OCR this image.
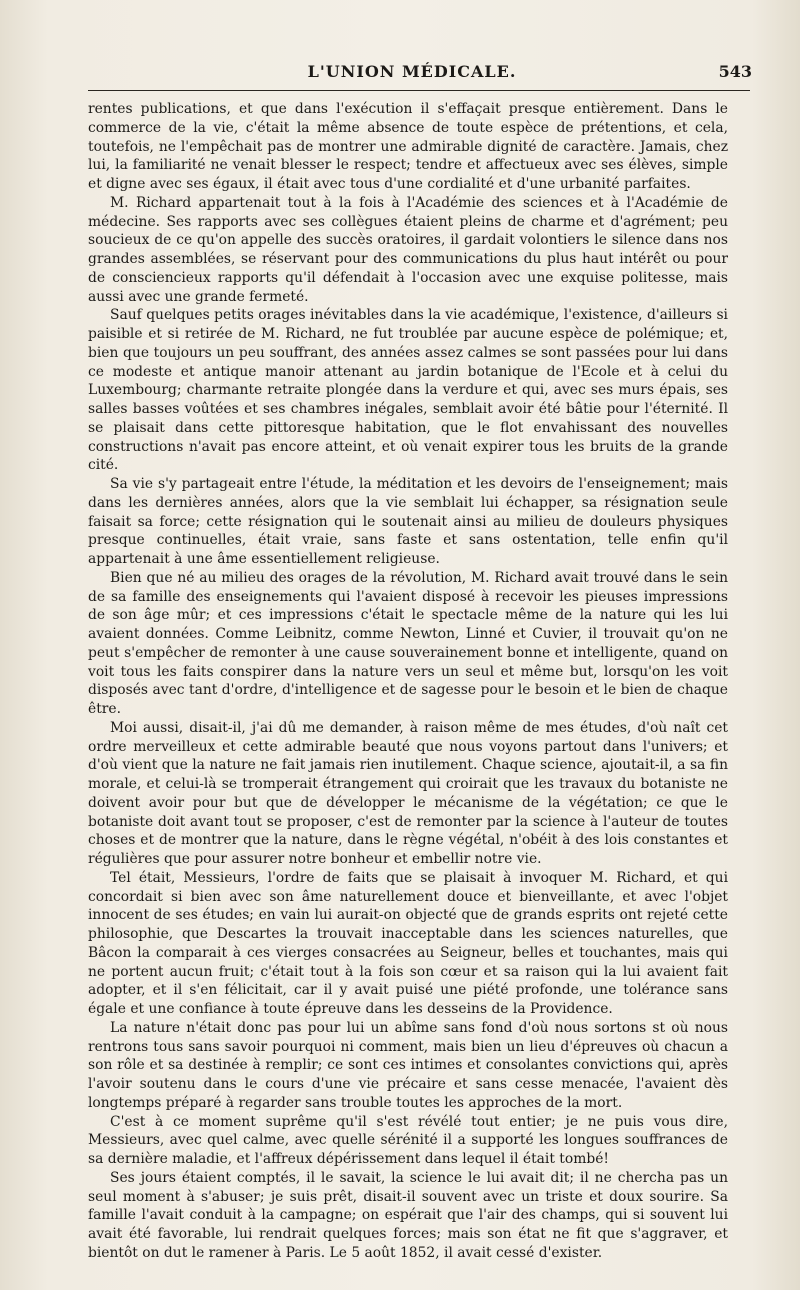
L'UNION MÉDICALE.	543

rentes publications, et que dans l'exécution il s'effaçait presque entièrement. Dans le commerce de la vie, c'était la même absence de toute espèce de prétentions, et cela, toutefois, ne l'empêchait pas de montrer une admirable dignité de caractère. Jamais, chez lui, la familiarité ne venait blesser le respect; tendre et affectueux avec ses élèves, simple et digne avec ses égaux, il était avec tous d'une cordialité et d'une urbanité parfaites.

M. Richard appartenait tout à la fois à l'Académie des sciences et à l'Académie de médecine. Ses rapports avec ses collègues étaient pleins de charme et d'agrément; peu soucieux de ce qu'on appelle des succès oratoires, il gardait volontiers le silence dans nos grandes assemblées, se réservant pour des communications du plus haut intérêt ou pour de consciencieux rapports qu'il défendait à l'occasion avec une exquise politesse, mais aussi avec une grande fermeté.

Sauf quelques petits orages inévitables dans la vie académique, l'existence, d'ailleurs si paisible et si retirée de M. Richard, ne fut troublée par aucune espèce de polémique; et, bien que toujours un peu souffrant, des années assez calmes se sont passées pour lui dans ce modeste et antique manoir attenant au jardin botanique de l'Ecole et à celui du Luxembourg; charmante retraite plongée dans la verdure et qui, avec ses murs épais, ses salles basses voûtées et ses chambres inégales, semblait avoir été bâtie pour l'éternité. Il se plaisait dans cette pittoresque habitation, que le flot envahissant des nouvelles constructions n'avait pas encore atteint, et où venait expirer tous les bruits de la grande cité.

Sa vie s'y partageait entre l'étude, la méditation et les devoirs de l'enseignement; mais dans les dernières années, alors que la vie semblait lui échapper, sa résignation seule faisait sa force; cette résignation qui le soutenait ainsi au milieu de douleurs physiques presque continuelles, était vraie, sans faste et sans ostentation, telle enfin qu'il appartenait à une âme essentiellement religieuse.

Bien que né au milieu des orages de la révolution, M. Richard avait trouvé dans le sein de sa famille des enseignements qui l'avaient disposé à recevoir les pieuses impressions de son âge mûr; et ces impressions c'était le spectacle même de la nature qui les lui avaient données. Comme Leibnitz, comme Newton, Linné et Cuvier, il trouvait qu'on ne peut s'empêcher de remonter à une cause souverainement bonne et intelligente, quand on voit tous les faits conspirer dans la nature vers un seul et même but, lorsqu'on les voit disposés avec tant d'ordre, d'intelligence et de sagesse pour le besoin et le bien de chaque être.

Moi aussi, disait-il, j'ai dû me demander, à raison même de mes études, d'où naît cet ordre merveilleux et cette admirable beauté que nous voyons partout dans l'univers; et d'où vient que la nature ne fait jamais rien inutilement. Chaque science, ajoutait-il, a sa fin morale, et celui-là se tromperait étrangement qui croirait que les travaux du botaniste ne doivent avoir pour but que de développer le mécanisme de la végétation; ce que le botaniste doit avant tout se proposer, c'est de remonter par la science à l'auteur de toutes choses et de montrer que la nature, dans le règne végétal, n'obéit à des lois constantes et régulières que pour assurer notre bonheur et embellir notre vie.

Tel était, Messieurs, l'ordre de faits que se plaisait à invoquer M. Richard, et qui concordait si bien avec son âme naturellement douce et bienveillante, et avec l'objet innocent de ses études; en vain lui aurait-on objecté que de grands esprits ont rejeté cette philosophie, que Descartes la trouvait inacceptable dans les sciences naturelles, que Bâcon la comparait à ces vierges consacrées au Seigneur, belles et touchantes, mais qui ne portent aucun fruit; c'était tout à la fois son cœur et sa raison qui la lui avaient fait adopter, et il s'en félicitait, car il y avait puisé une piété profonde, une tolérance sans égale et une confiance à toute épreuve dans les desseins de la Providence.

La nature n'était donc pas pour lui un abîme sans fond d'où nous sortons st où nous rentrons tous sans savoir pourquoi ni comment, mais bien un lieu d'épreuves où chacun a son rôle et sa destinée à remplir; ce sont ces intimes et consolantes convictions qui, après l'avoir soutenu dans le cours d'une vie précaire et sans cesse menacée, l'avaient dès longtemps préparé à regarder sans trouble toutes les approches de la mort.

C'est à ce moment suprême qu'il s'est révélé tout entier; je ne puis vous dire, Messieurs, avec quel calme, avec quelle sérénité il a supporté les longues souffrances de sa dernière maladie, et l'affreux dépérissement dans lequel il était tombé!

Ses jours étaient comptés, il le savait, la science le lui avait dit; il ne chercha pas un seul moment à s'abuser; je suis prêt, disait-il souvent avec un triste et doux sourire. Sa famille l'avait conduit à la campagne; on espérait que l'air des champs, qui si souvent lui avait été favorable, lui rendrait quelques forces; mais son état ne fit que s'aggraver, et bientôt on dut le ramener à Paris. Le 5 août 1852, il avait cessé d'exister.
